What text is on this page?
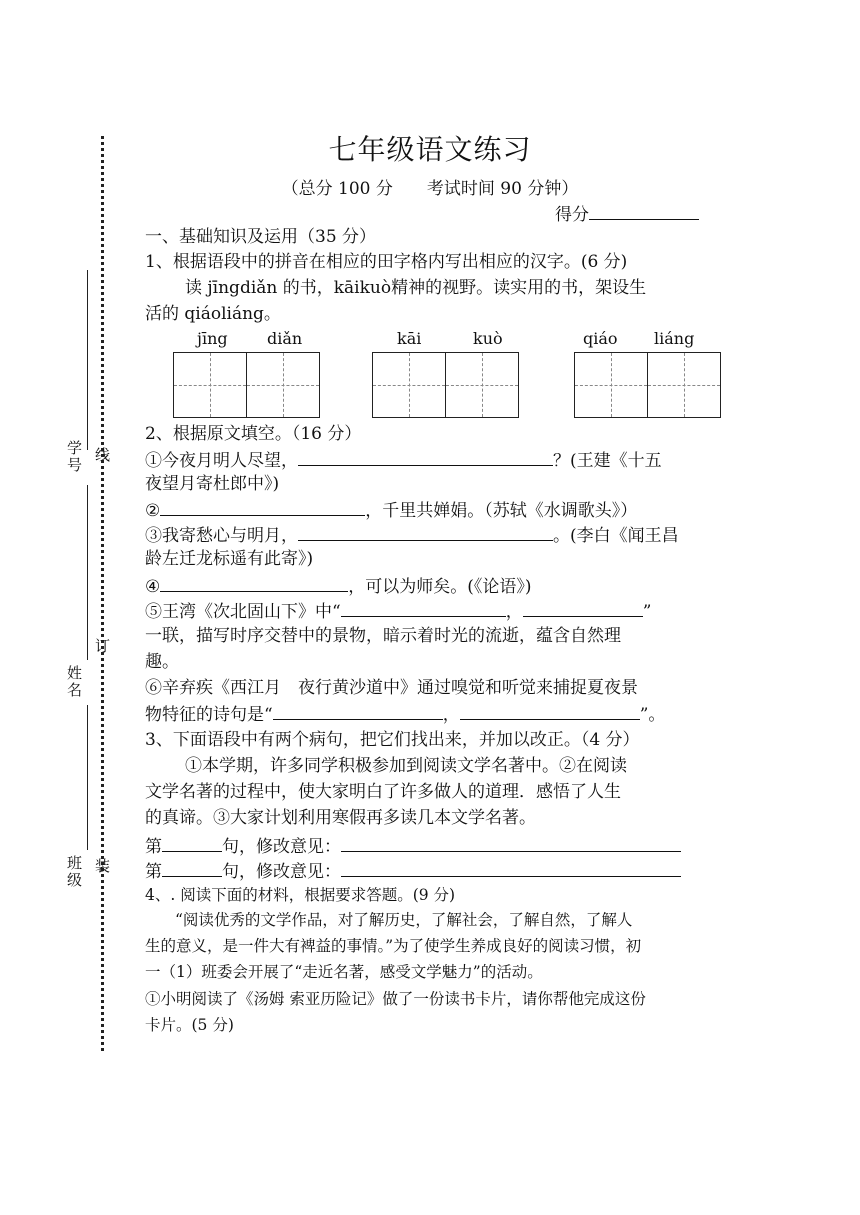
学号 线
姓名
订
班级 装
七年级语文练习
（总分 100 分　　考试时间 90 分钟）
得分
一、基础知识及运用（35 分）
1、根据语段中的拼音在相应的田字格内写出相应的汉字。(6 分)
读 jīngdiǎn 的书，kāikuò精神的视野。读实用的书，架设生
活的 qiáoliáng。
jīng diǎn	kāi	kuò	qiáo liáng
2、根据原文填空。（16 分）
①今夜月明人尽望，	？(王建《十五
夜望月寄杜郎中》)
②	，千里共婵娟。（苏轼《水调歌头》）
③我寄愁心与明月，	。(李白《闻王昌
龄左迁龙标遥有此寄》)
④	，可以为师矣。(《论语》)
⑤王湾《次北固山下》中“	，	”
一联，描写时序交替中的景物，暗示着时光的流逝，蕴含自然理
趣。
⑥辛弃疾《西江月　夜行黄沙道中》通过嗅觉和听觉来捕捉夏夜景
物特征的诗句是“	，	”。
3、下面语段中有两个病句，把它们找出来，并加以改正。（4 分）
①本学期，许多同学积极参加到阅读文学名著中。②在阅读
文学名著的过程中，使大家明白了许多做人的道理．感悟了人生
的真谛。③大家计划利用寒假再多读几本文学名著。
第	句，修改意见：
第	句，修改意见：
4、. 阅读下面的材料，根据要求答题。(9 分)
“阅读优秀的文学作品，对了解历史，了解社会，了解自然，了解人
生的意义，是一件大有裨益的事情。”为了使学生养成良好的阅读习惯，初
一（1）班委会开展了“走近名著，感受文学魅力”的活动。
①小明阅读了《汤姆 索亚历险记》做了一份读书卡片，请你帮他完成这份
卡片。(5 分)
